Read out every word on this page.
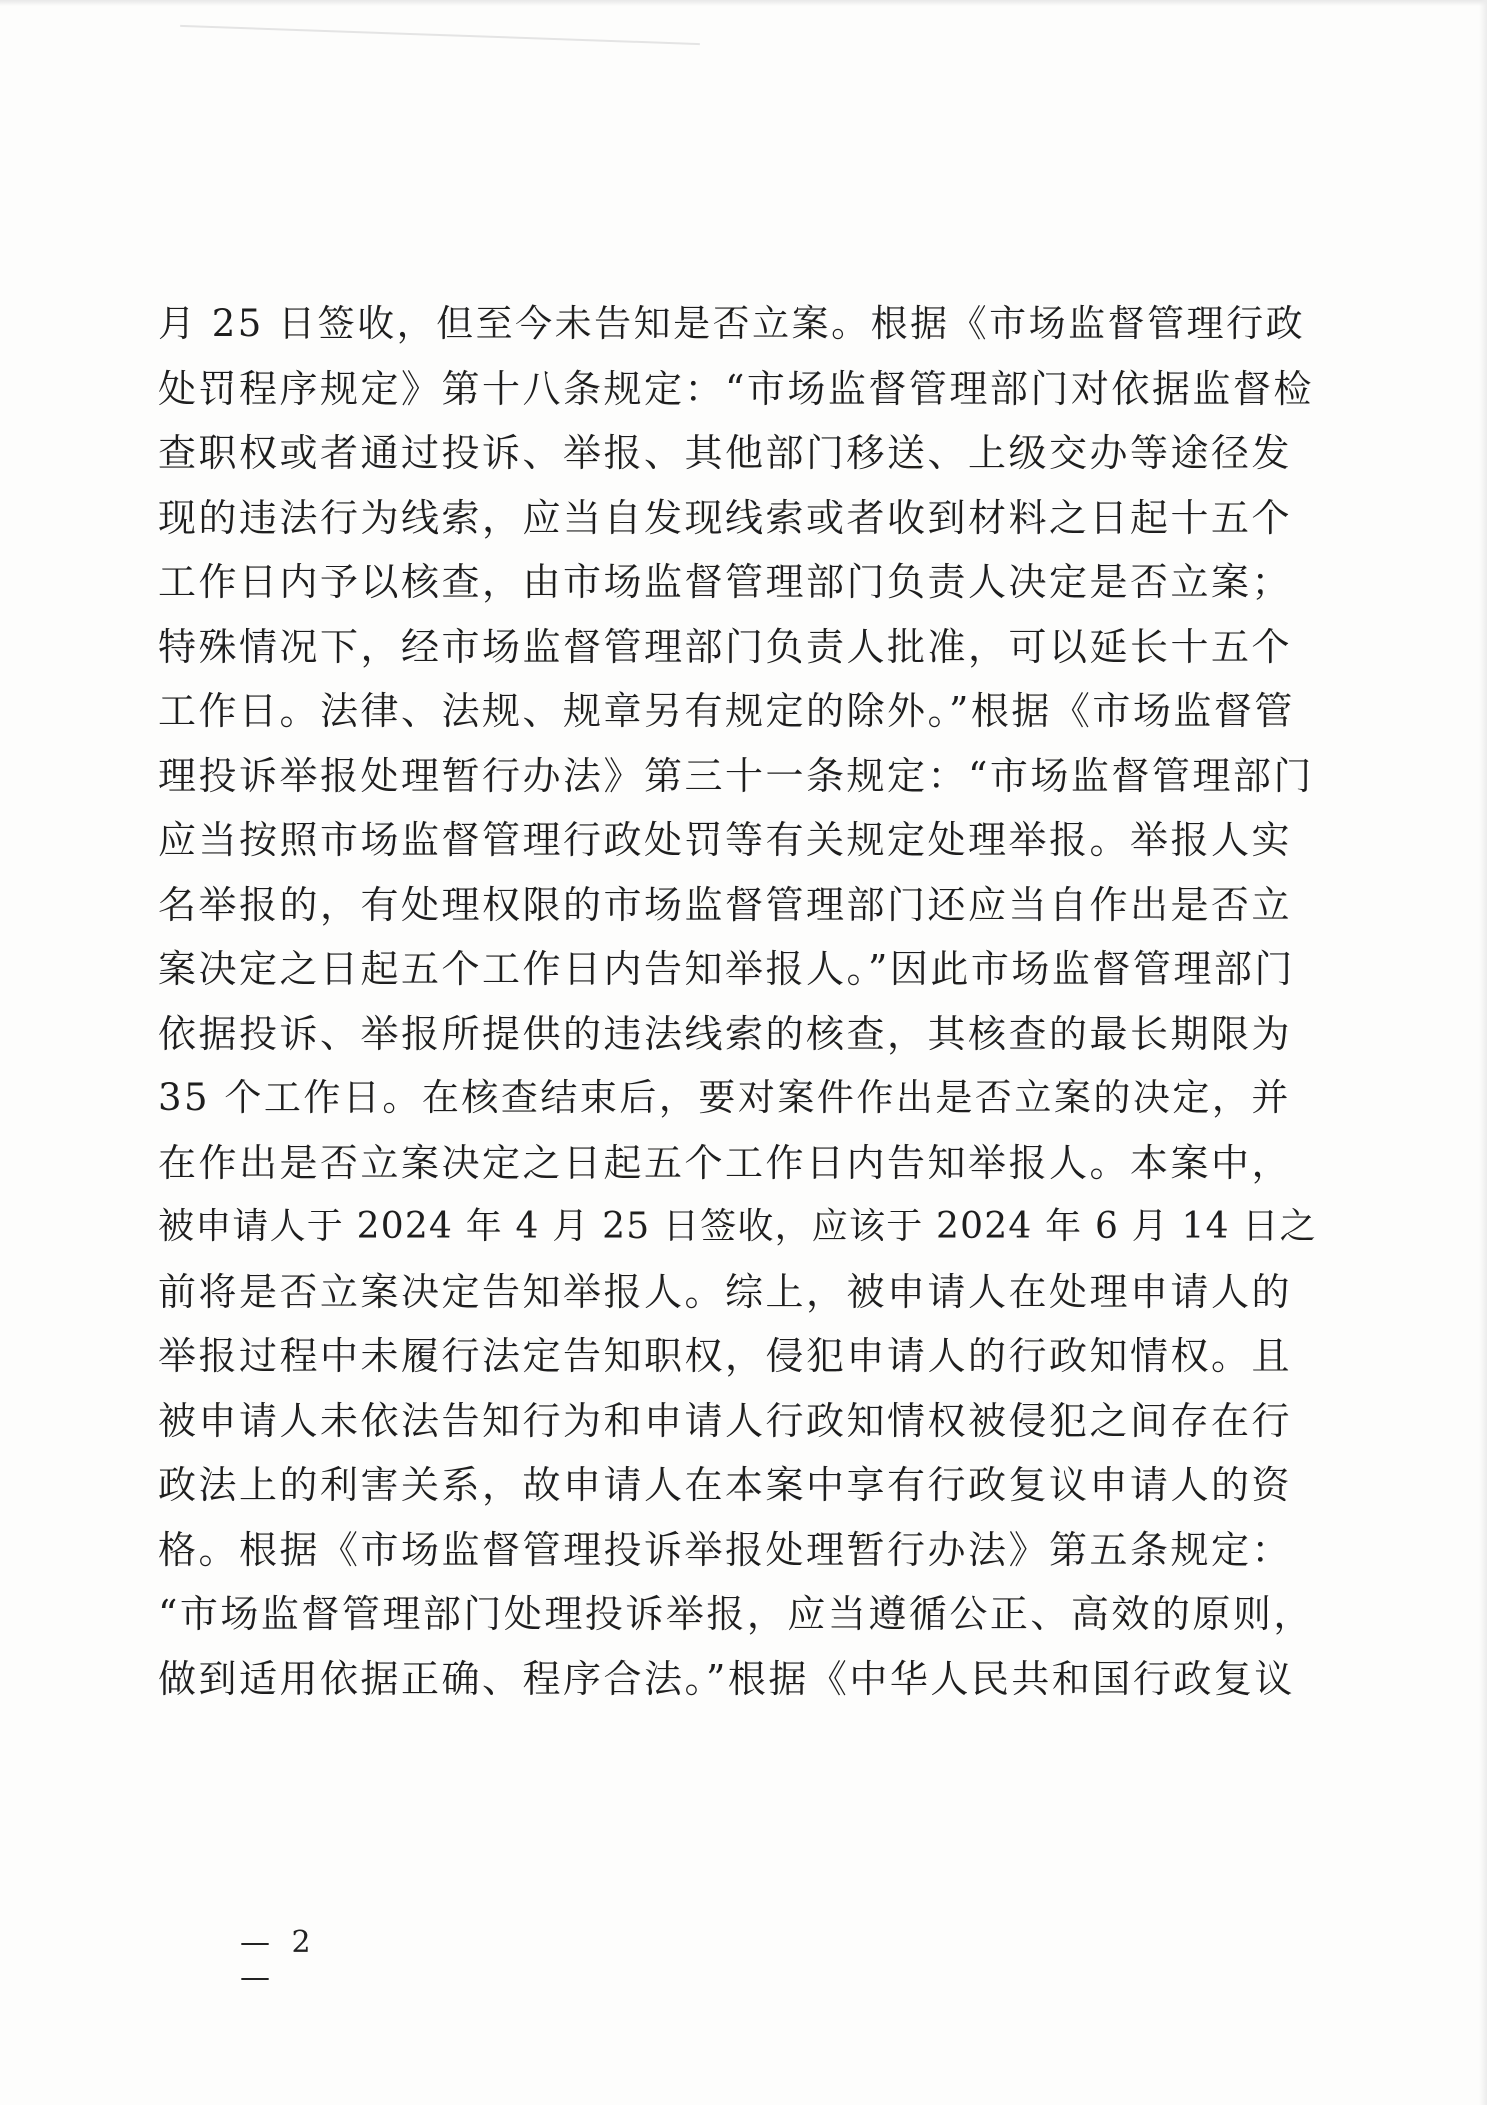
月 25 日签收，但至今未告知是否立案。根据《市场监督管理行政
处罚程序规定》第十八条规定：“市场监督管理部门对依据监督检
查职权或者通过投诉、举报、其他部门移送、上级交办等途径发
现的违法行为线索，应当自发现线索或者收到材料之日起十五个
工作日内予以核查，由市场监督管理部门负责人决定是否立案；
特殊情况下，经市场监督管理部门负责人批准，可以延长十五个
工作日。法律、法规、规章另有规定的除外。”根据《市场监督管
理投诉举报处理暂行办法》第三十一条规定：“市场监督管理部门
应当按照市场监督管理行政处罚等有关规定处理举报。举报人实
名举报的，有处理权限的市场监督管理部门还应当自作出是否立
案决定之日起五个工作日内告知举报人。”因此市场监督管理部门
依据投诉、举报所提供的违法线索的核查，其核查的最长期限为
35 个工作日。在核查结束后，要对案件作出是否立案的决定，并
在作出是否立案决定之日起五个工作日内告知举报人。本案中，
被申请人于 2024 年 4 月 25 日签收，应该于 2024 年 6 月 14 日之
前将是否立案决定告知举报人。综上，被申请人在处理申请人的
举报过程中未履行法定告知职权，侵犯申请人的行政知情权。且
被申请人未依法告知行为和申请人行政知情权被侵犯之间存在行
政法上的利害关系，故申请人在本案中享有行政复议申请人的资
格。根据《市场监督管理投诉举报处理暂行办法》第五条规定：
“市场监督管理部门处理投诉举报，应当遵循公正、高效的原则，
做到适用依据正确、程序合法。”根据《中华人民共和国行政复议
— 2 —
